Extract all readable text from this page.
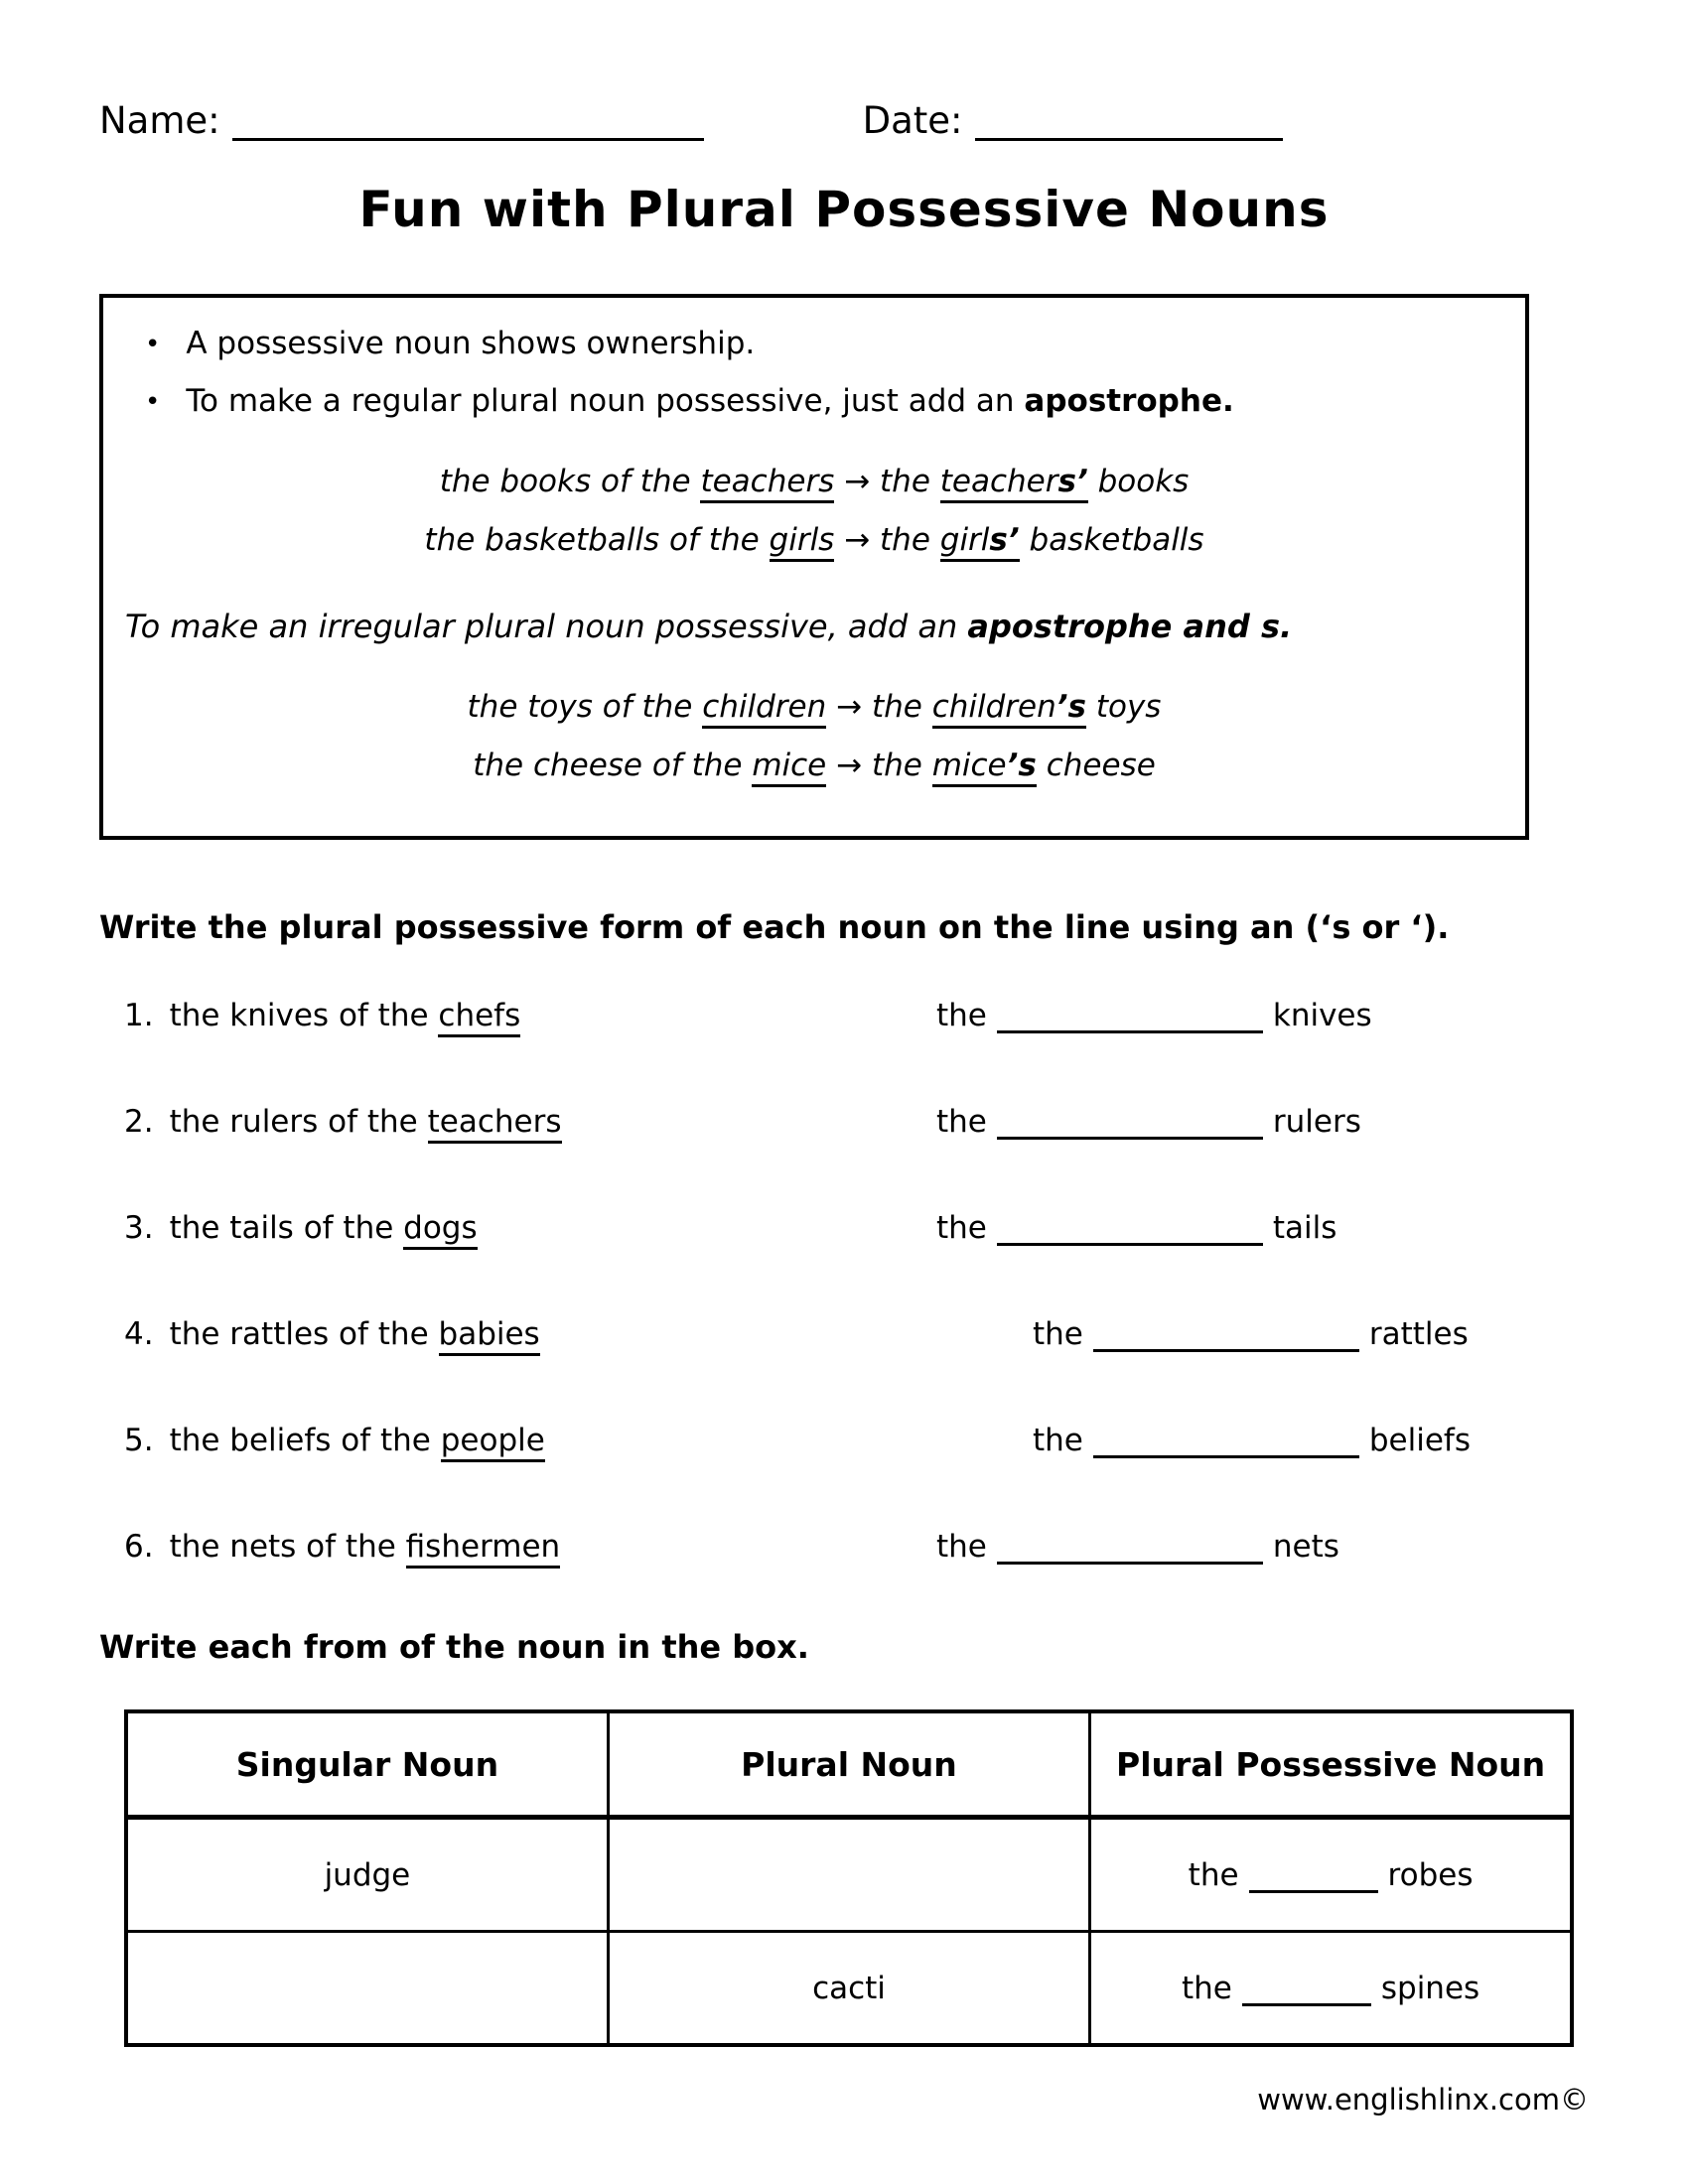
Name:	Date:
Fun with Plural Possessive Nouns
• A possessive noun shows ownership.
• To make a regular plural noun possessive, just add an apostrophe.
the books of the teachers → the teachers’ books
the basketballs of the girls → the girls’ basketballs
To make an irregular plural noun possessive, add an apostrophe and s.
the toys of the children → the children’s toys
the cheese of the mice → the mice’s cheese
Write the plural possessive form of each noun on the line using an (‘s or ‘).
1. the knives of the chefs	the	knives
2. the rulers of the teachers	the	rulers
3. the tails of the dogs	the	tails
4. the rattles of the babies	the	rattles
5. the beliefs of the people	the	beliefs
6. the nets of the fishermen	the	nets
Write each from of the noun in the box.
Singular Noun	Plural Noun	Plural Possessive Noun
judge		the robes
	cacti	the spines
www.englishlinx.com©
